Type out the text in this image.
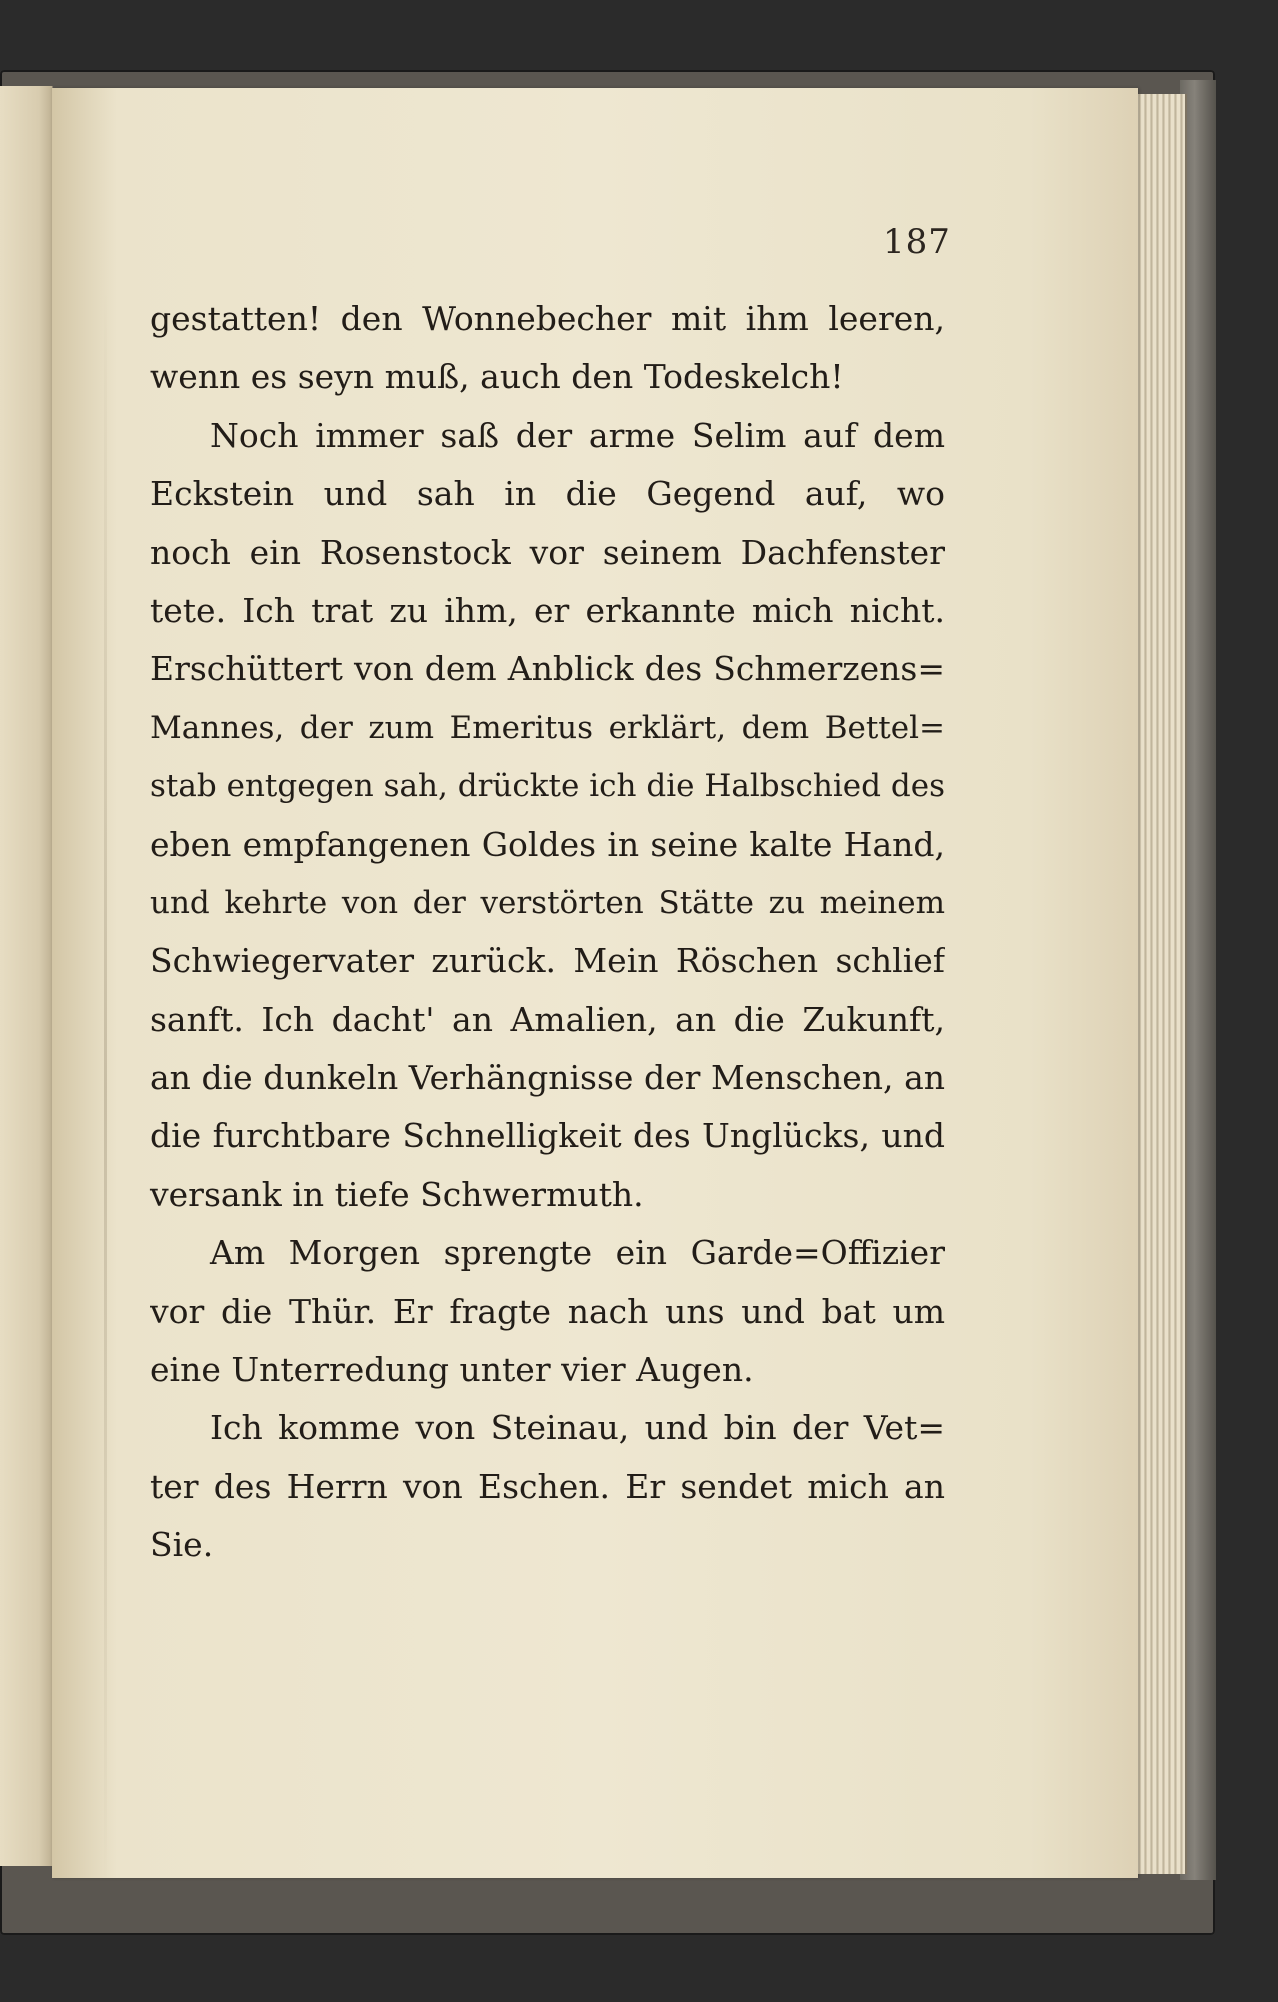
187
gestatten! den Wonnebecher mit ihm leeren,
wenn es seyn muß, auch den Todeskelch!
Noch immer saß der arme Selim auf dem
Eckstein und sah in die Gegend auf, wo
noch ein Rosenstock vor seinem Dachfenster
tete. Ich trat zu ihm, er erkannte mich nicht.
Erschüttert von dem Anblick des Schmerzens=
Mannes, der zum Emeritus erklärt, dem Bettel=
stab entgegen sah, drückte ich die Halbschied des
eben empfangenen Goldes in seine kalte Hand,
und kehrte von der verstörten Stätte zu meinem
Schwiegervater zurück. Mein Röschen schlief
sanft. Ich dacht' an Amalien, an die Zukunft,
an die dunkeln Verhängnisse der Menschen, an
die furchtbare Schnelligkeit des Unglücks, und
versank in tiefe Schwermuth.
Am Morgen sprengte ein Garde=Offizier
vor die Thür. Er fragte nach uns und bat um
eine Unterredung unter vier Augen.
Ich komme von Steinau, und bin der Vet=
ter des Herrn von Eschen. Er sendet mich an
Sie.
